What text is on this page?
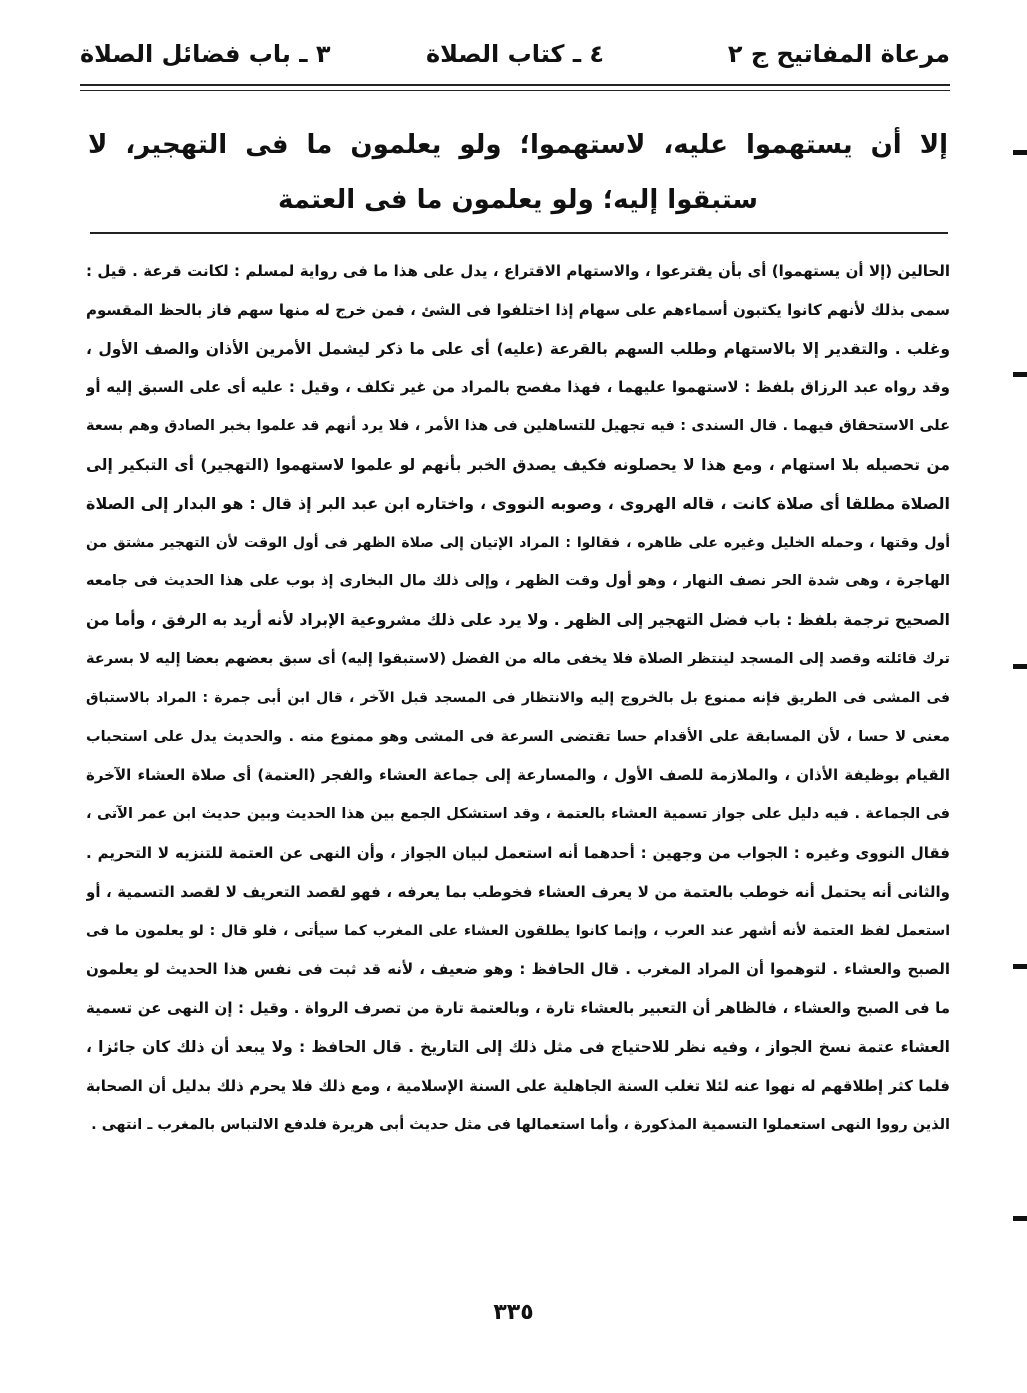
مرعاة المفاتيح ج ٢
٤ ـ كتاب الصلاة
٣ ـ باب فضائل الصلاة
إلا أن يستهموا عليه، لاستهموا؛ ولو يعلمون ما فى التهجير، لا ستبقوا إليه؛ ولو يعلمون ما فى العتمة
الحالين (إلا أن يستهموا) أى بأن يقترعوا ، والاستهام الاقتراع ، يدل على هذا ما فى رواية لمسلم : لكانت قرعة . قيل :
سمى بذلك لأنهم كانوا يكتبون أسماءهم على سهام إذا اختلفوا فى الشئ ، فمن خرج له منها سهم فاز بالحظ المقسوم
وغلب . والتقدير إلا بالاستهام وطلب السهم بالقرعة (عليه) أى على ما ذكر ليشمل الأمرين الأذان والصف الأول ،
وقد رواه عبد الرزاق بلفظ : لاستهموا عليهما ، فهذا مفصح بالمراد من غير تكلف ، وقيل : عليه أى على السبق إليه أو
على الاستحقاق فيهما . قال السندى : فيه تجهيل للتساهلين فى هذا الأمر ، فلا يرد أنهم قد علموا بخبر الصادق وهم بسعة
من تحصيله بلا استهام ، ومع هذا لا يحصلونه فكيف يصدق الخبر بأنهم لو علموا لاستهموا (التهجير) أى التبكير إلى
الصلاة مطلقا أى صلاة كانت ، قاله الهروى ، وصوبه النووى ، واختاره ابن عبد البر إذ قال : هو البدار إلى الصلاة
أول وقتها ، وحمله الخليل وغيره على ظاهره ، فقالوا : المراد الإتيان إلى صلاة الظهر فى أول الوقت لأن التهجير مشتق من
الهاجرة ، وهى شدة الحر نصف النهار ، وهو أول وقت الظهر ، وإلى ذلك مال البخارى إذ بوب على هذا الحديث فى جامعه
الصحيح ترجمة بلفظ : باب فضل التهجير إلى الظهر . ولا يرد على ذلك مشروعية الإبراد لأنه أريد به الرفق ، وأما من
ترك قائلته وقصد إلى المسجد لينتظر الصلاة فلا يخفى ماله من الفضل (لاستبقوا إليه) أى سبق بعضهم بعضا إليه لا بسرعة
فى المشى فى الطريق فإنه ممنوع بل بالخروج إليه والانتظار فى المسجد قبل الآخر ، قال ابن أبى جمرة : المراد بالاستباق
معنى لا حسا ، لأن المسابقة على الأقدام حسا تقتضى السرعة فى المشى وهو ممنوع منه . والحديث يدل على استحباب
القيام بوظيفة الأذان ، والملازمة للصف الأول ، والمسارعة إلى جماعة العشاء والفجر (العتمة) أى صلاة العشاء الآخرة
فى الجماعة . فيه دليل على جواز تسمية العشاء بالعتمة ، وقد استشكل الجمع بين هذا الحديث وبين حديث ابن عمر الآتى ،
فقال النووى وغيره : الجواب من وجهين : أحدهما أنه استعمل لبيان الجواز ، وأن النهى عن العتمة للتنزيه لا التحريم .
والثانى أنه يحتمل أنه خوطب بالعتمة من لا يعرف العشاء فخوطب بما يعرفه ، فهو لقصد التعريف لا لقصد التسمية ، أو
استعمل لفظ العتمة لأنه أشهر عند العرب ، وإنما كانوا يطلقون العشاء على المغرب كما سيأتى ، فلو قال : لو يعلمون ما فى
الصبح والعشاء . لتوهموا أن المراد المغرب . قال الحافظ : وهو ضعيف ، لأنه قد ثبت فى نفس هذا الحديث لو يعلمون
ما فى الصبح والعشاء ، فالظاهر أن التعبير بالعشاء تارة ، وبالعتمة تارة من تصرف الرواة . وقيل : إن النهى عن تسمية
العشاء عتمة نسخ الجواز ، وفيه نظر للاحتياج فى مثل ذلك إلى التاريخ . قال الحافظ : ولا يبعد أن ذلك كان جائزا ،
فلما كثر إطلاقهم له نهوا عنه لئلا تغلب السنة الجاهلية على السنة الإسلامية ، ومع ذلك فلا يحرم ذلك بدليل أن الصحابة
الذين رووا النهى استعملوا التسمية المذكورة ، وأما استعمالها فى مثل حديث أبى هريرة فلدفع الالتباس بالمغرب ـ انتهى .
٣٣٥
